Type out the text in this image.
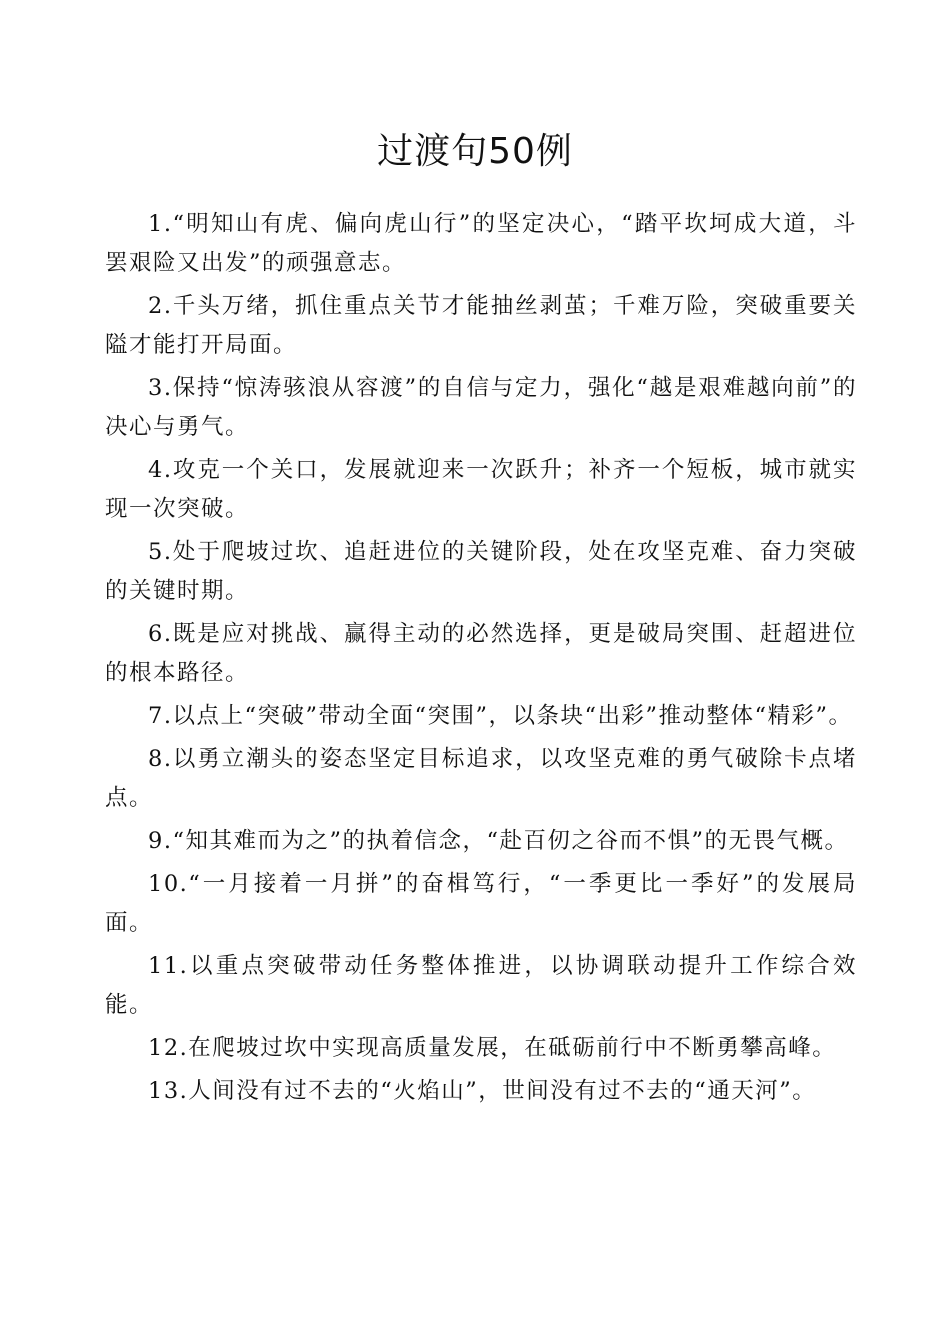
过渡句50例

1.“明知山有虎、偏向虎山行”的坚定决心，“踏平坎坷成大道，斗罢艰险又出发”的顽强意志。

2.千头万绪，抓住重点关节才能抽丝剥茧；千难万险，突破重要关隘才能打开局面。

3.保持“惊涛骇浪从容渡”的自信与定力，强化“越是艰难越向前”的决心与勇气。

4.攻克一个关口，发展就迎来一次跃升；补齐一个短板，城市就实现一次突破。

5.处于爬坡过坎、追赶进位的关键阶段，处在攻坚克难、奋力突破的关键时期。

6.既是应对挑战、赢得主动的必然选择，更是破局突围、赶超进位的根本路径。

7.以点上“突破”带动全面“突围”，以条块“出彩”推动整体“精彩”。

8.以勇立潮头的姿态坚定目标追求，以攻坚克难的勇气破除卡点堵点。

9.“知其难而为之”的执着信念，“赴百仞之谷而不惧”的无畏气概。

10.“一月接着一月拼”的奋楫笃行，“一季更比一季好”的发展局面。

11.以重点突破带动任务整体推进，以协调联动提升工作综合效能。

12.在爬坡过坎中实现高质量发展，在砥砺前行中不断勇攀高峰。

13.人间没有过不去的“火焰山”，世间没有过不去的“通天河”。
